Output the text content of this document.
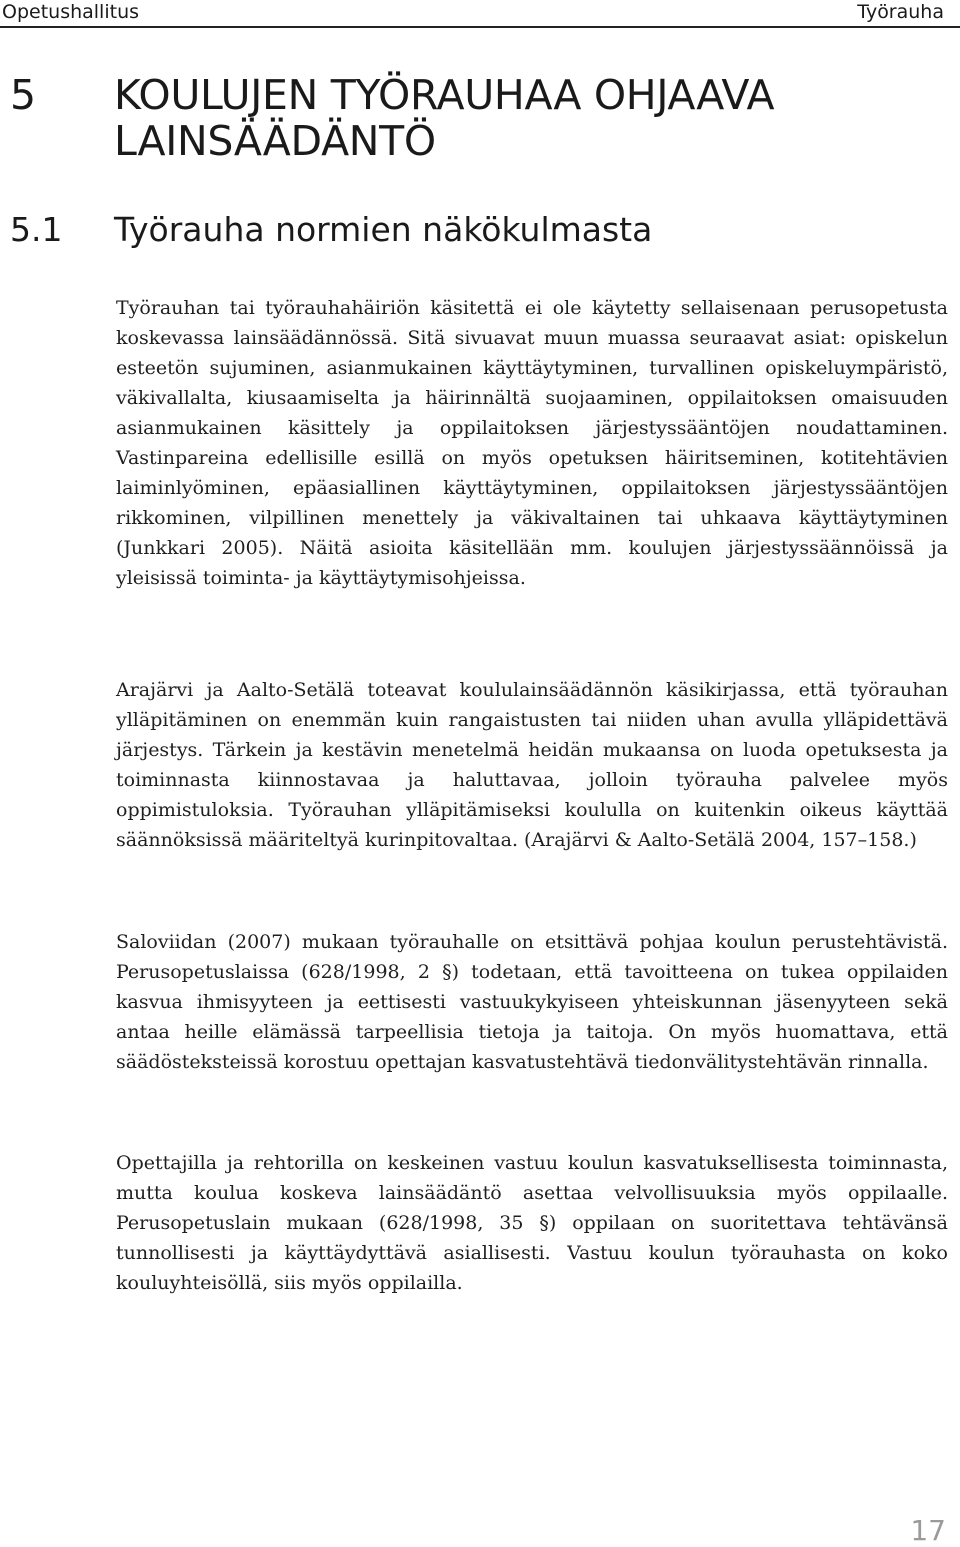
Opetushallitus	Työrauha
5	KOULUJEN TYÖRAUHAA OHJAAVA LAINSÄÄDÄNTÖ
5.1	Työrauha normien näkökulmasta

Työrauhan tai työrauhahäiriön käsitettä ei ole käytetty sellaisenaan perusopetusta koskevassa lainsäädännössä. Sitä sivuavat muun muassa seuraavat asiat: opiskelun esteetön sujuminen, asianmukainen käyttäytyminen, turvallinen opiskeluympäristö, väkivallalta, kiusaamiselta ja häirinnältä suojaaminen, oppilaitoksen omaisuuden asianmukainen käsittely ja oppilaitoksen järjestyssääntöjen noudattaminen. Vastinpareina edellisille esillä on myös opetuksen häiritseminen, kotitehtävien laiminlyöminen, epäasiallinen käyttäytyminen, oppilaitoksen järjestyssääntöjen rikkominen, vilpillinen menettely ja väkivaltainen tai uhkaava käyttäytyminen (Junkkari 2005). Näitä asioita käsitellään mm. koulujen järjestyssäännöissä ja yleisissä toiminta- ja käyttäytymisohjeissa.

Arajärvi ja Aalto-Setälä toteavat koululainsäädännön käsikirjassa, että työrauhan ylläpitäminen on enemmän kuin rangaistusten tai niiden uhan avulla ylläpidettävä järjestys. Tärkein ja kestävin menetelmä heidän mukaansa on luoda opetuksesta ja toiminnasta kiinnostavaa ja haluttavaa, jolloin työrauha palvelee myös oppimistuloksia. Työrauhan ylläpitämiseksi koululla on kuitenkin oikeus käyttää säännöksissä määriteltyä kurinpitovaltaa. (Arajärvi & Aalto-Setälä 2004, 157–158.)

Saloviidan (2007) mukaan työrauhalle on etsittävä pohjaa koulun perustehtävistä. Perusopetuslaissa (628/1998, 2 §) todetaan, että tavoitteena on tukea oppilaiden kasvua ihmisyyteen ja eettisesti vastuukykyiseen yhteiskunnan jäsenyyteen sekä antaa heille elämässä tarpeellisia tietoja ja taitoja. On myös huomattava, että säädösteksteissä korostuu opettajan kasvatustehtävä tiedonvälitystehtävän rinnalla.

Opettajilla ja rehtorilla on keskeinen vastuu koulun kasvatuksellisesta toiminnasta, mutta koulua koskeva lainsäädäntö asettaa velvollisuuksia myös oppilaalle. Perusopetuslain mukaan (628/1998, 35 §) oppilaan on suoritettava tehtävänsä tunnollisesti ja käyttäydyttävä asiallisesti. Vastuu koulun työrauhasta on koko kouluyhteisöllä, siis myös oppilailla.

17
